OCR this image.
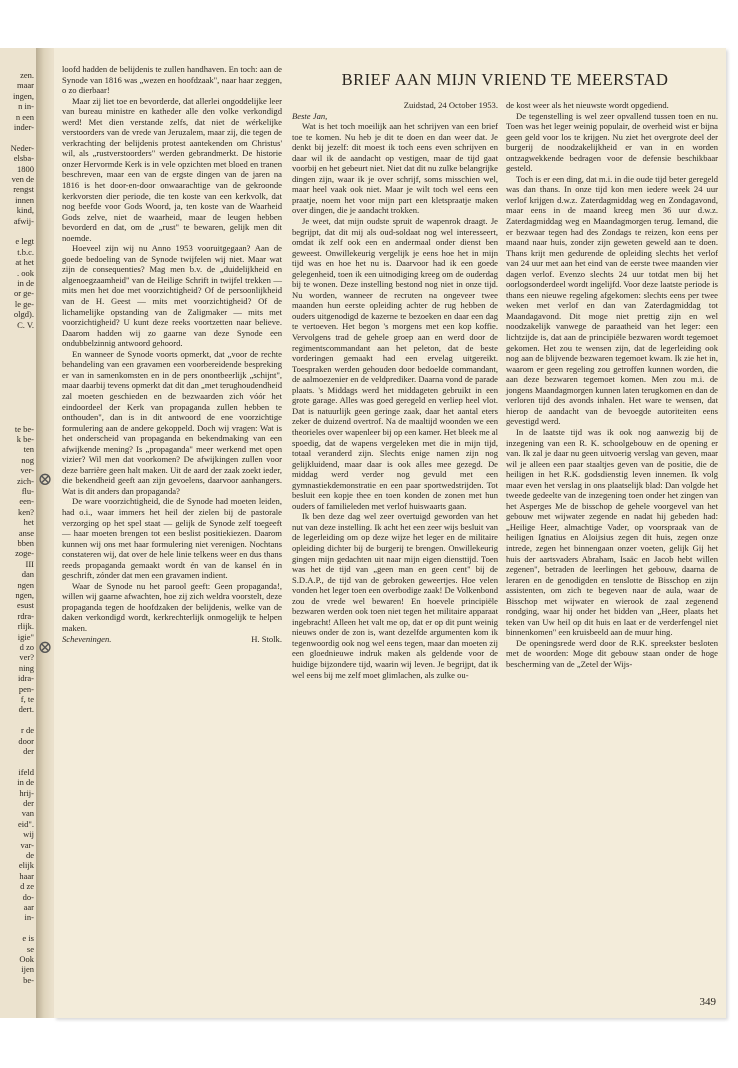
zen.
maar
ingen,
n in-
n een
inder-
Neder-
elsba-
1800
ven de
rengst
innen
kind,
afwij-
e legt
t.b.c.
at het
. ook
in de
or ge-
le ge-
olgd).
C. V.
te be-
k be-
ten
nog
ver-
zich-
flu-
een-
ken?
het
anse
bben
zoge-
III
dan
ngen
ngen,
esust
rdra-
rlijk.
igie"
d zo
ver?
ning
idra-
pen-
f, te
dert.
r de
door
der
ifeld
in de
hrij-
der
van
eid".
wij
var-
de
elijk
haar
d ze
do-
aar
in-
e is
se
Ook
ijen
be-
⊗
⊗

loofd hadden de belijdenis te zullen handhaven. En toch: aan de Synode van 1816 was „wezen en hoofdzaak", naar haar zeggen, o zo dierbaar!

Maar zij liet toe en bevorderde, dat allerlei ongoddelijke leer van bureau ministre en katheder alle den volke verkondigd werd! Met dien verstande zelfs, dat niet de wérkelijke verstoorders van de vrede van Jeruzalem, maar zij, die tegen de verkrachting der belijdenis protest aantekenden om Christus' wil, als „rustverstoorders" werden gebrandmerkt. De historie onzer Hervormde Kerk is in vele opzichten met bloed en tranen beschreven, maar een van de ergste dingen van de jaren na 1816 is het door-en-door onwaarachtige van de gekroonde kerkvorsten dier periode, die ten koste van een kerkvolk, dat nog beefde voor Gods Woord, ja, ten koste van de Waarheid Gods zelve, niet de waarheid, maar de leugen hebben bevorderd en dat, om de „rust" te bewaren, gelijk men dit noemde.

Hoeveel zijn wij nu Anno 1953 vooruitgegaan? Aan de goede bedoeling van de Synode twijfelen wij niet. Maar wat zijn de consequenties? Mag men b.v. de „duidelijkheid en algenoegzaamheid" van de Heilige Schrift in twijfel trekken — mits men het doe met voorzichtigheid? Of de persoonlijkheid van de H. Geest — mits met voorzichtigheid? Of de lichamelijke opstanding van de Zaligmaker — mits met voorzichtigheid? U kunt deze reeks voortzetten naar believe. Daarom hadden wij zo gaarne van deze Synode een ondubbelzinnig antwoord gehoord.

En wanneer de Synode voorts opmerkt, dat „voor de rechte behandeling van een gravamen een voorbereidende bespreking er van in samenkomsten en in de pers onontbeerlijk „schijnt", maar daarbij tevens opmerkt dat dit dan „met terughoudendheid zal moeten geschieden en de bezwaarden zich vóór het eindoordeel der Kerk van propaganda zullen hebben te onthouden", dan is in dit antwoord de ene voorzichtige formulering aan de andere gekoppeld. Doch wij vragen: Wat is het onderscheid van propaganda en bekendmaking van een afwijkende mening? Is „propaganda" meer werkend met open vizier? Wil men dat voorkomen? De afwijkingen zullen voor deze barrière geen halt maken. Uit de aard der zaak zoekt ieder, die bekendheid geeft aan zijn gevoelens, daarvoor aanhangers. Wat is dit anders dan propaganda?

De ware voorzichtigheid, die de Synode had moeten leiden, had o.i., waar immers het heil der zielen bij de pastorale verzorging op het spel staat — gelijk de Synode zelf toegeeft — haar moeten brengen tot een beslist positiekiezen. Daarom kunnen wij ons met haar formulering niet verenigen. Nochtans constateren wij, dat over de hele linie telkens weer en dus thans reeds propaganda gemaakt wordt én van de kansel én in geschrift, zónder dat men een gravamen indient.

Waar de Synode nu het parool geeft: Geen propaganda!, willen wij gaarne afwachten, hoe zij zich weldra voorstelt, deze propaganda tegen de hoofdzaken der belijdenis, welke van de daken verkondigd wordt, kerkrechterlijk onmogelijk te helpen maken.

Scheveningen.	H. Stolk.

BRIEF AAN MIJN VRIEND TE MEERSTAD

Zuidstad, 24 October 1953.

Beste Jan,

Wat is het toch moeilijk aan het schrijven van een brief toe te komen. Nu heb je dit te doen en dan weer dat. Je denkt bij jezelf: dit moest ik toch eens even schrijven en daar wil ik de aandacht op vestigen, maar de tijd gaat voorbij en het gebeurt niet. Niet dat dit nu zulke belangrijke dingen zijn, waar ik je over schrijf, soms misschien wel, maar heel vaak ook niet. Maar je wilt toch wel eens een praatje, noem het voor mijn part een kletspraatje maken over dingen, die je aandacht trokken.

Je weet, dat mijn oudste spruit de wapenrok draagt. Je begrijpt, dat dit mij als oud-soldaat nog wel interesseert, omdat ik zelf ook een en andermaal onder dienst ben geweest. Onwillekeurig vergelijk je eens hoe het in mijn tijd was en hoe het nu is. Daarvoor had ik een goede gelegenheid, toen ik een uitnodiging kreeg om de ouderdag bij te wonen. Deze instelling bestond nog niet in onze tijd. Nu worden, wanneer de recruten na ongeveer twee maanden hun eerste opleiding achter de rug hebben de ouders uitgenodigd de kazerne te bezoeken en daar een dag te vertoeven. Het begon 's morgens met een kop koffie. Vervolgens trad de gehele groep aan en werd door de regimentscommandant aan het peleton, dat de beste vorderingen gemaakt had een ervelag uitgereikt. Toespraken werden gehouden door bedoelde commandant, de aalmoezenier en de veldprediker. Daarna vond de parade plaats. 's Middags werd het middageten gebruikt in een grote garage. Alles was goed geregeld en verliep heel vlot. Dat is natuurlijk geen geringe zaak, daar het aantal eters zeker de duizend overtrof. Na de maaltijd woonden we een theorieles over wapenleer bij op een kamer. Het bleek me al spoedig, dat de wapens vergeleken met die in mijn tijd, totaal veranderd zijn. Slechts enige namen zijn nog gelijkluidend, maar daar is ook alles mee gezegd. De middag werd verder nog gevuld met een gymnastiekdemonstratie en een paar sportwedstrijden. Tot besluit een kopje thee en toen konden de zonen met hun ouders of familieleden met verlof huiswaarts gaan.

Ik ben deze dag wel zeer overtuigd geworden van het nut van deze instelling. Ik acht het een zeer wijs besluit van de legerleiding om op deze wijze het leger en de militaire opleiding dichter bij de burgerij te brengen. Onwillekeurig gingen mijn gedachten uit naar mijn eigen diensttijd. Toen was het de tijd van „geen man en geen cent" bij de S.D.A.P., de tijd van de gebroken geweertjes. Hoe velen vonden het leger toen een overbodige zaak! De Volkenbond zou de vrede wel bewaren! En hoevele principiële bezwaren werden ook toen niet tegen het militaire apparaat ingebracht! Alleen het valt me op, dat er op dit punt weinig nieuws onder de zon is, want dezelfde argumenten kom ik tegenwoordig ook nog wel eens tegen, maar dan moeten zij een gloednieuwe indruk maken als geldende voor de huidige bijzondere tijd, waarin wij leven. Je begrijpt, dat ik wel eens bij me zelf moet glimlachen, als zulke ou-

de kost weer als het nieuwste wordt opgediend.

De tegenstelling is wel zeer opvallend tussen toen en nu. Toen was het leger weinig populair, de overheid wist er bijna geen geld voor los te krijgen. Nu ziet het overgrote deel der burgerij de noodzakelijkheid er van in en worden ontzagwekkende bedragen voor de defensie beschikbaar gesteld.

Toch is er een ding, dat m.i. in die oude tijd beter geregeld was dan thans. In onze tijd kon men iedere week 24 uur verlof krijgen d.w.z. Zaterdagmiddag weg en Zondagavond, maar eens in de maand kreeg men 36 uur d.w.z. Zaterdagmiddag weg en Maandagmorgen terug. Iemand, die er bezwaar tegen had des Zondags te reizen, kon eens per maand naar huis, zonder zijn geweten geweld aan te doen. Thans krijt men gedurende de opleiding slechts het verlof van 24 uur met aan het eind van de eerste twee maanden vier dagen verlof. Evenzo slechts 24 uur totdat men bij het oorlogsonderdeel wordt ingelijfd. Voor deze laatste periode is thans een nieuwe regeling afgekomen: slechts eens per twee weken met verlof en dan van Zaterdagmiddag tot Maandagavond. Dit moge niet prettig zijn en wel noodzakelijk vanwege de paraatheid van het leger: een lichtzijde is, dat aan de principiële bezwaren wordt tegemoet gekomen. Het zou te wensen zijn, dat de legerleiding ook nog aan de blijvende bezwaren tegemoet kwam. Ik zie het in, waarom er geen regeling zou getroffen kunnen worden, die aan deze bezwaren tegemoet komen. Men zou m.i. de jongens Maandagmorgen kunnen laten terugkomen en dan de verloren tijd des avonds inhalen. Het ware te wensen, dat hierop de aandacht van de bevoegde autoriteiten eens gevestigd werd.

In de laatste tijd was ik ook nog aanwezig bij de inzegening van een R. K. schoolgebouw en de opening er van. Ik zal je daar nu geen uitvoerig verslag van geven, maar wil je alleen een paar staaltjes geven van de positie, die de heiligen in het R.K. godsdienstig leven innemen. Ik volg maar even het verslag in ons plaatselijk blad: Dan volgde het tweede gedeelte van de inzegening toen onder het zingen van het Asperges Me de bisschop de gehele voorgevel van het gebouw met wijwater zegende en nadat hij gebeden had: „Heilige Heer, almachtige Vader, op voorspraak van de heiligen Ignatius en Aloijsius zegen dit huis, zegen onze intrede, zegen het binnengaan onzer voeten, gelijk Gij het huis der aartsvaders Abraham, Isaäc en Jacob hebt willen zegenen", betraden de leerlingen het gebouw, daarna de leraren en de genodigden en tenslotte de Bisschop en zijn assistenten, om zich te begeven naar de aula, waar de Bisschop met wijwater en wierook de zaal zegenend rondging, waar hij onder het bidden van „Heer, plaats het teken van Uw heil op dit huis en laat er de verderfengel niet binnenkomen" een kruisbeeld aan de muur hing.

De openingsrede werd door de R.K. spreekster besloten met de woorden: Moge dit gebouw staan onder de hoge bescherming van de „Zetel der Wijs-

349
